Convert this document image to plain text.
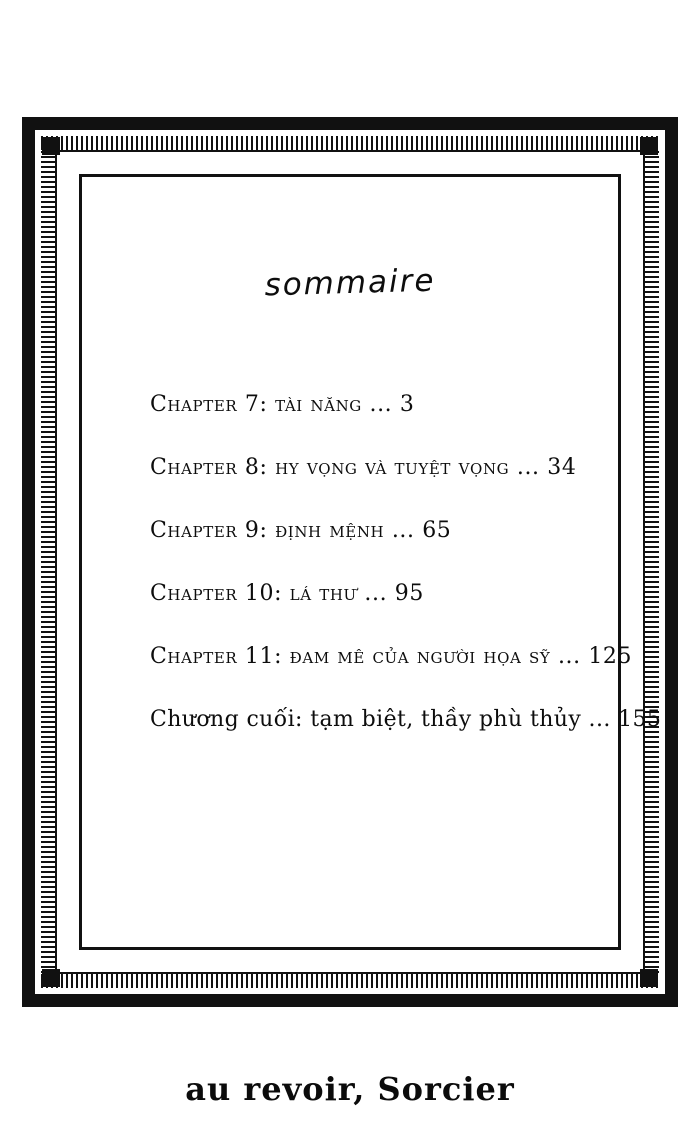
sommaire
Chapter 7: tài năng ... 3
Chapter 8: hy vọng và tuyệt vọng ... 34
Chapter 9: định mệnh ... 65
Chapter 10: lá thư ... 95
Chapter 11: đam mê của người họa sỹ ... 125
Chương cuối: tạm biệt, thầy phù thủy ... 155
au revoir, Sorcier
